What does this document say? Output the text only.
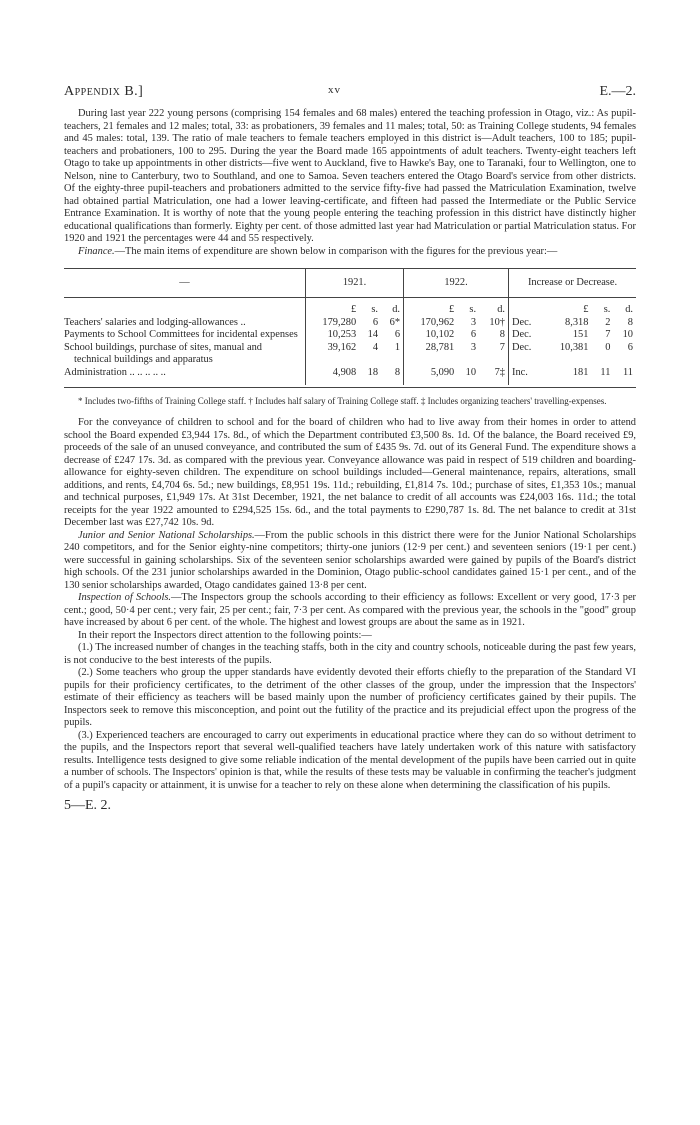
Appendix B.]	xv	E.—2.

During last year 222 young persons (comprising 154 females and 68 males) entered the teaching profession in Otago, viz.: As pupil-teachers, 21 females and 12 males; total, 33: as probationers, 39 females and 11 males; total, 50: as Training College students, 94 females and 45 males: total, 139. The ratio of male teachers to female teachers employed in this district is—Adult teachers, 100 to 185; pupil-teachers and probationers, 100 to 295. During the year the Board made 165 appointments of adult teachers. Twenty-eight teachers left Otago to take up appointments in other districts—five went to Auckland, five to Hawke's Bay, one to Taranaki, four to Wellington, one to Nelson, nine to Canterbury, two to Southland, and one to Samoa. Seven teachers entered the Otago Board's service from other districts. Of the eighty-three pupil-teachers and probationers admitted to the service fifty-five had passed the Matriculation Examination, twelve had obtained partial Matriculation, one had a lower leaving-certificate, and fifteen had passed the Intermediate or the Public Service Entrance Examination. It is worthy of note that the young people entering the teaching profession in this district have distinctly higher educational qualifications than formerly. Eighty per cent. of those admitted last year had Matriculation or partial Matriculation status. For 1920 and 1921 the percentages were 44 and 55 respectively.

Finance.—The main items of expenditure are shown below in comparison with the figures for the previous year:—

—	1921.			1922.			Increase or Decrease.			
	£	s.	d.	£	s.	d.		£	s.	d.

Teachers' salaries and lodging-allowances ..	179,280	6	6*	170,962	3	10†	Dec.	8,318	2	8

Payments to School Committees for incidental expenses	10,253	14	6	10,102	6	8	Dec.	151	7	10

School buildings, purchase of sites, manual and technical buildings and apparatus	39,162	4	1	28,781	3	7	Dec.	10,381	0	6

Administration .. .. .. .. ..	4,908	18	8	5,090	10	7‡	Inc.	181	11	11

* Includes two-fifths of Training College staff. † Includes half salary of Training College staff. ‡ Includes organizing teachers' travelling-expenses.

For the conveyance of children to school and for the board of children who had to live away from their homes in order to attend school the Board expended £3,944 17s. 8d., of which the Department contributed £3,500 8s. 1d. Of the balance, the Board received £9, proceeds of the sale of an unused conveyance, and contributed the sum of £435 9s. 7d. out of its General Fund. The expenditure shows a decrease of £247 17s. 3d. as compared with the previous year. Conveyance allowance was paid in respect of 519 children and boarding-allowance for eighty-seven children. The expenditure on school buildings included—General maintenance, repairs, alterations, small additions, and rents, £4,704 6s. 5d.; new buildings, £8,951 19s. 11d.; rebuilding, £1,814 7s. 10d.; purchase of sites, £1,353 10s.; manual and technical purposes, £1,949 17s. At 31st December, 1921, the net balance to credit of all accounts was £24,003 16s. 11d.; the total receipts for the year 1922 amounted to £294,525 15s. 6d., and the total payments to £290,787 1s. 8d. The net balance to credit at 31st December last was £27,742 10s. 9d.

Junior and Senior National Scholarships.—From the public schools in this district there were for the Junior National Scholarships 240 competitors, and for the Senior eighty-nine competitors; thirty-one juniors (12·9 per cent.) and seventeen seniors (19·1 per cent.) were successful in gaining scholarships. Six of the seventeen senior scholarships awarded were gained by pupils of the Board's district high schools. Of the 231 junior scholarships awarded in the Dominion, Otago public-school candidates gained 15·1 per cent., and of the 130 senior scholarships awarded, Otago candidates gained 13·8 per cent.

Inspection of Schools.—The Inspectors group the schools according to their efficiency as follows: Excellent or very good, 17·3 per cent.; good, 50·4 per cent.; very fair, 25 per cent.; fair, 7·3 per cent. As compared with the previous year, the schools in the "good" group have increased by about 6 per cent. of the whole. The highest and lowest groups are about the same as in 1921.

In their report the Inspectors direct attention to the following points:—

(1.) The increased number of changes in the teaching staffs, both in the city and country schools, noticeable during the past few years, is not conducive to the best interests of the pupils.

(2.) Some teachers who group the upper standards have evidently devoted their efforts chiefly to the preparation of the Standard VI pupils for their proficiency certificates, to the detriment of the other classes of the group, under the impression that the Inspectors' estimate of their efficiency as teachers will be based mainly upon the number of proficiency certificates gained by their pupils. The Inspectors seek to remove this misconception, and point out the futility of the practice and its prejudicial effect upon the progress of the pupils.

(3.) Experienced teachers are encouraged to carry out experiments in educational practice where they can do so without detriment to the pupils, and the Inspectors report that several well-qualified teachers have lately undertaken work of this nature with satisfactory results. Intelligence tests designed to give some reliable indication of the mental development of the pupils have been carried out in quite a number of schools. The Inspectors' opinion is that, while the results of these tests may be valuable in confirming the teacher's judgment of a pupil's capacity or attainment, it is unwise for a teacher to rely on these alone when determining the classification of his pupils.

5—E. 2.
